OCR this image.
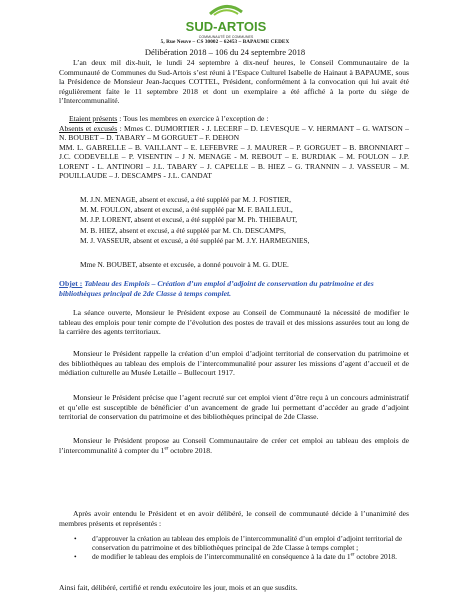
SUD-ARTOIS
COMMUNAUTÉ DE COMMUNES
5, Rue Neuve – CS 30002 – 62453 – BAPAUME CEDEX
Délibération 2018 – 106 du 24 septembre 2018

L’an deux mil dix-huit, le lundi 24 septembre à dix-neuf heures, le Conseil Communautaire de la Communauté de Communes du Sud-Artois s’est réuni à l’Espace Culturel Isabelle de Hainaut à BAPAUME, sous la Présidence de Monsieur Jean-Jacques COTTEL, Président, conformément à la convocation qui lui avait été régulièrement faite le 11 septembre 2018 et dont un exemplaire a été affiché à la porte du siège de l’Intercommunalité.

Etaient présents : Tous les membres en exercice à l’exception de :

Absents et excusés : Mmes C. DUMORTIER - J. LECERF – D. LEVESQUE – V. HERMANT – G. WATSON – N. BOUBET – D. TABARY – M GORGUET – F. DEHON

MM. L. GABRELLE – B. VAILLANT – E. LEFEBVRE – J. MAURER – P. GORGUET – B. BRONNIART – J.C. CODEVELLE – P. VISENTIN – J N. MENAGE - M. REBOUT – E. BURDIAK – M. FOULON – J.P. LORENT - L. ANTINORI – J.L. TABARY – J. CAPELLE – B. HIEZ – G. TRANNIN – J. VASSEUR – M. POUILLAUDE – J. DESCAMPS - J.L. CANDAT

M. J.N. MENAGE, absent et excusé, a été suppléé par M. J. FOSTIER,
M. M. FOULON, absent et excusé, a été suppléé par M. F. BAILLEUL,
M. J.P. LORENT, absent et excusé, a été suppléé par M. Ph. THIEBAUT,
M. B. HIEZ, absent et excusé, a été suppléé par M. Ch. DESCAMPS,
M. J. VASSEUR, absent et excusé, a été suppléé par M. J.Y. HARMEGNIES,
Mme N. BOUBET, absente et excusée, a donné pouvoir à M. G. DUE.
Objet : Tableau des Emplois – Création d’un emploi d’adjoint de conservation du patrimoine et des bibliothèques principal de 2de Classe à temps complet.

La séance ouverte, Monsieur le Président expose au Conseil de Communauté la nécessité de modifier le tableau des emplois pour tenir compte de l’évolution des postes de travail et des missions assurées tout au long de la carrière des agents territoriaux.

Monsieur le Président rappelle la création d’un emploi d’adjoint territorial de conservation du patrimoine et des bibliothèques au tableau des emplois de l’intercommunalité pour assurer les missions d’agent d’accueil et de médiation culturelle au Musée Letaille – Bullecourt 1917.

Monsieur le Président précise que l’agent recruté sur cet emploi vient d’être reçu à un concours administratif et qu’elle est susceptible de bénéficier d’un avancement de grade lui permettant d’accéder au grade d’adjoint territorial de conservation du patrimoine et des bibliothèques principal de 2de Classe.

Monsieur le Président propose au Conseil Communautaire de créer cet emploi au tableau des emplois de l’intercommunalité à compter du 1er octobre 2018.

Après avoir entendu le Président et en avoir délibéré, le conseil de communauté décide à l’unanimité des membres présents et représentés :

• d’approuver la création au tableau des emplois de l’intercommunalité d’un emploi d’adjoint territorial de conservation du patrimoine et des bibliothèques principal de 2de Classe à temps complet ;
• de modifier le tableau des emplois de l’intercommunalité en conséquence à la date du 1er octobre 2018.

Ainsi fait, délibéré, certifié et rendu exécutoire les jour, mois et an que susdits.
